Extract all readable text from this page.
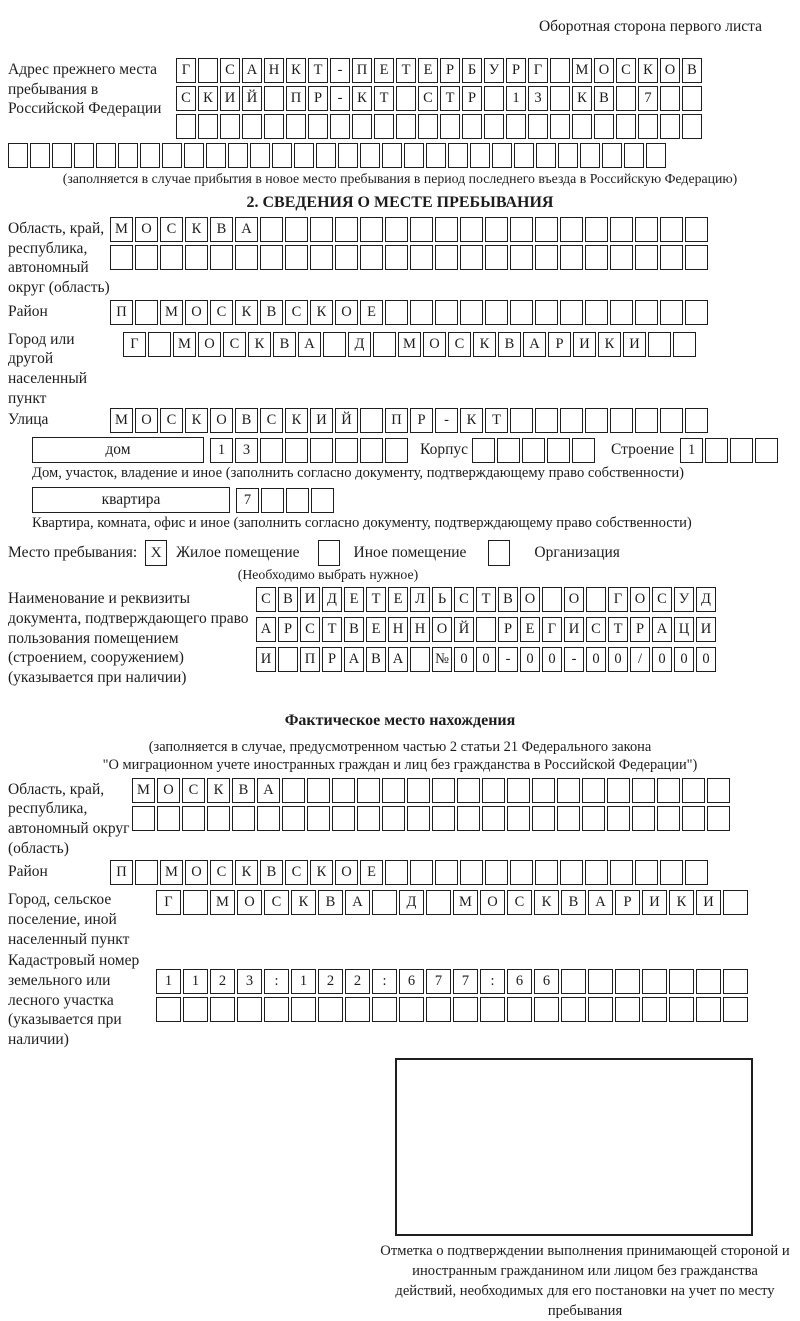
Оборотная сторона первого листа
Адрес прежнего места пребывания в Российской Федерации
Г	С А Н К Т	- П Е Т Е Р Б У Р Г	М О С К О В
С К И Й	П Р	-	К Т	С Т Р	1	3	К В	7
(заполняется в случае прибытия в новое место пребывания в период последнего въезда в Российскую Федерацию)
2. СВЕДЕНИЯ О МЕСТЕ ПРЕБЫВАНИЯ
Область, край, республика, автономный округ (область)
М О	С	К	В	А
Район	П	М О	С	К	В	С	К	О	Е
Город или другой населенный пункт
Г	М О	С	К	В	А	Д	М О	С	К	В	А	Р	И	К	И
Улица	М О	С	К	О	В	С	К	И	Й	П	Р	-	К	Т
дом	1	3	Корпус	Строение 1
Дом, участок, владение и иное (заполнить согласно документу, подтверждающему право собственности)
квартира	7
Квартира, комната, офис и иное (заполнить согласно документу, подтверждающему право собственности)
Место пребывания: X Жилое помещение	Иное помещение	Организация
(Необходимо выбрать нужное)
Наименование и реквизиты документа, подтверждающего право пользования помещением (строением, сооружением) (указывается при наличии)
С В И Д Е Т Е Л Ь С Т В О	О	Г О С У Д
А Р С Т В Е Н Н О Й	Р Е Г И С Т Р А Ц И
И	П Р А В А	№ 0	0	-	0	0	-	0	0	/	0	0	0
Фактическое место нахождения
(заполняется в случае, предусмотренном частью 2 статьи 21 Федерального закона
"О миграционном учете иностранных граждан и лиц без гражданства в Российской Федерации")
Область, край, республика, автономный округ (область)
М О	С	К	В	А
Район	П	М О	С	К	В	С	К	О	Е
Город, сельское поселение, иной населенный пункт
Г	М	О	С	К	В	А	Д	М	О	С	К	В	А	Р	И	К	И
Кадастровый номер земельного или лесного участка (указывается при наличии)
1	1	2	3	:	1	2	2	:	6	7	7	:	6	6
Отметка о подтверждении выполнения принимающей стороной и иностранным гражданином или лицом без гражданства действий, необходимых для его постановки на учет по месту пребывания
